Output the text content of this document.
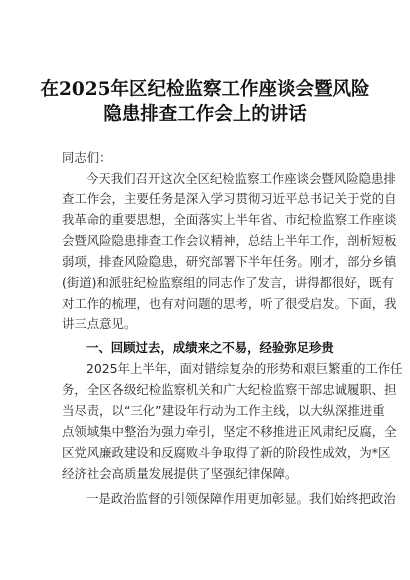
在2025年区纪检监察工作座谈会暨风险
隐患排查工作会上的讲话
同志们：
今天我们召开这次全区纪检监察工作座谈会暨风险隐患排
查工作会，主要任务是深入学习贯彻习近平总书记关于党的自
我革命的重要思想，全面落实上半年省、市纪检监察工作座谈
会暨风险隐患排查工作会议精神，总结上半年工作，剖析短板
弱项，排查风险隐患，研究部署下半年任务。刚才，部分乡镇
(街道)和派驻纪检监察组的同志作了发言，讲得都很好，既有
对工作的梳理，也有对问题的思考，听了很受启发。下面，我
讲三点意见。
一、回顾过去，成绩来之不易，经验弥足珍贵
2025年上半年，面对错综复杂的形势和艰巨繁重的工作任
务，全区各级纪检监察机关和广大纪检监察干部忠诚履职、担
当尽责，以“三化”建设年行动为工作主线，以大纵深推进重
点领域集中整治为强力牵引，坚定不移推进正风肃纪反腐，全
区党风廉政建设和反腐败斗争取得了新的阶段性成效，为*区
经济社会高质量发展提供了坚强纪律保障。
一是政治监督的引领保障作用更加彰显。我们始终把政治
